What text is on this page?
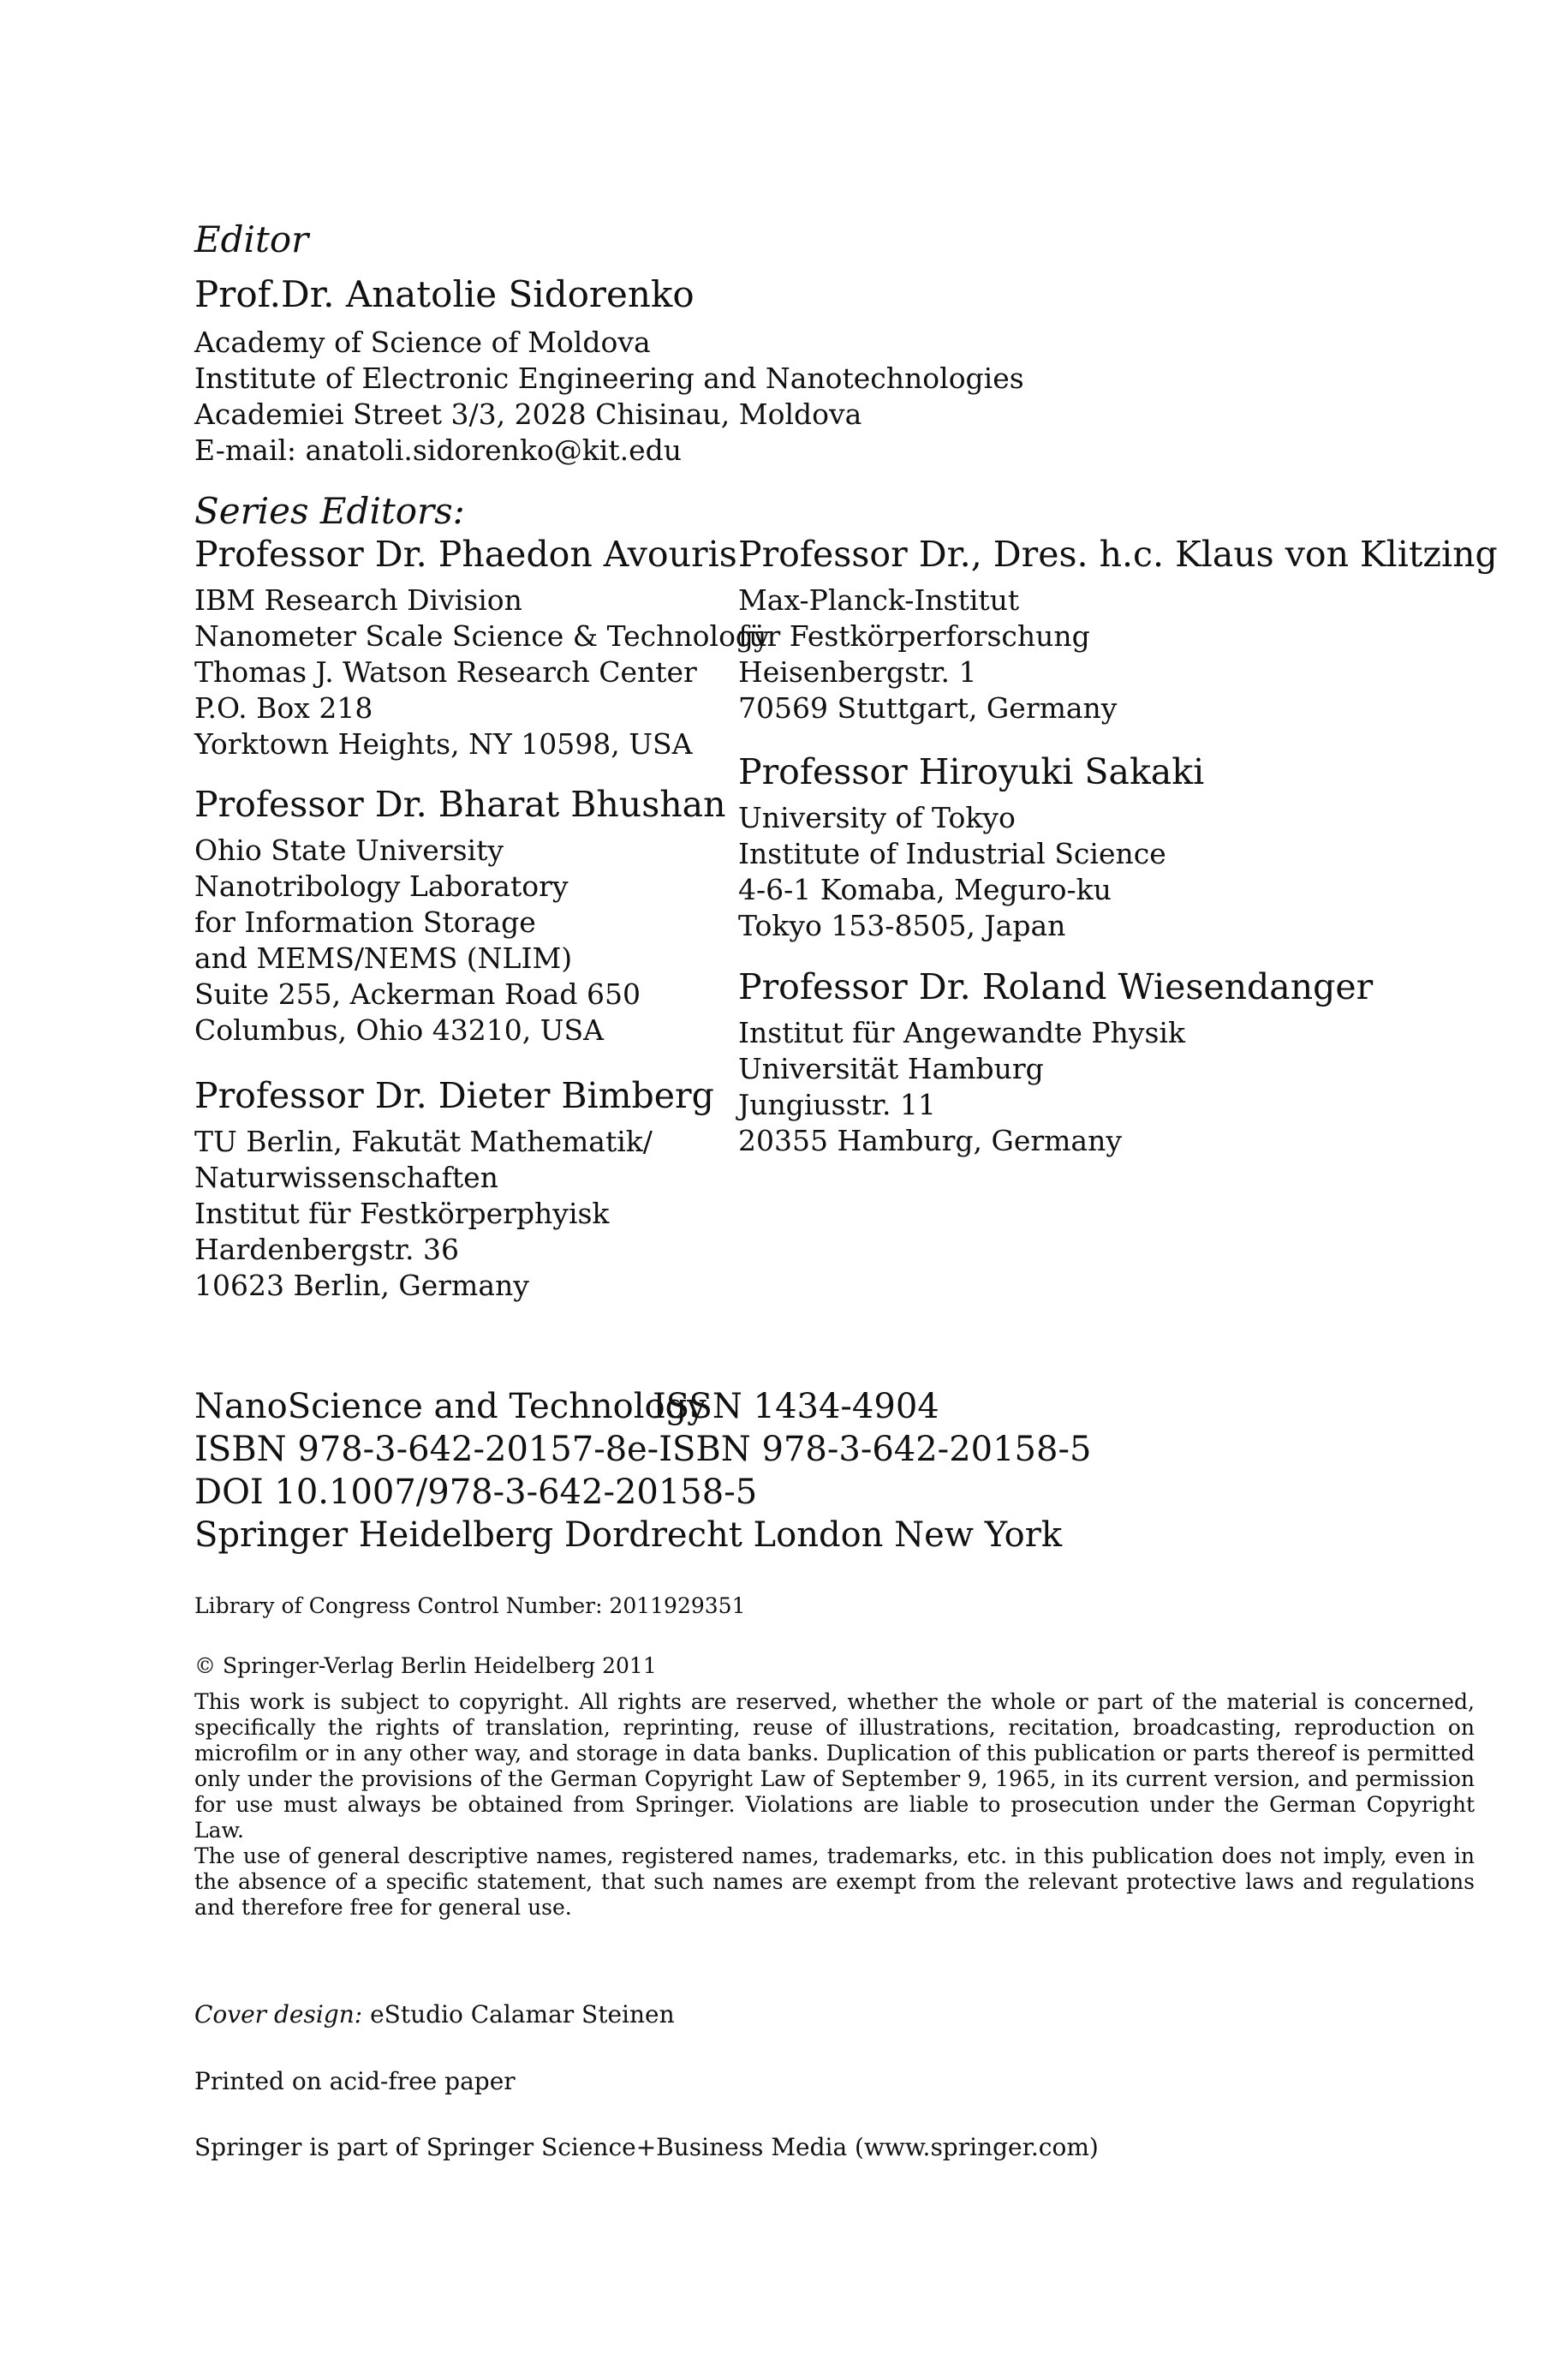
Editor
Prof.Dr. Anatolie Sidorenko
Academy of Science of Moldova
Institute of Electronic Engineering and Nanotechnologies
Academiei Street 3/3, 2028 Chisinau, Moldova
E-mail: anatoli.sidorenko@kit.edu
Series Editors:
Professor Dr. Phaedon Avouris
IBM Research Division
Nanometer Scale Science & Technology
Thomas J. Watson Research Center
P.O. Box 218
Yorktown Heights, NY 10598, USA
Professor Dr. Bharat Bhushan
Ohio State University
Nanotribology Laboratory
for Information Storage
and MEMS/NEMS (NLIM)
Suite 255, Ackerman Road 650
Columbus, Ohio 43210, USA
Professor Dr. Dieter Bimberg
TU Berlin, Fakutät Mathematik/
Naturwissenschaften
Institut für Festkörperphyisk
Hardenbergstr. 36
10623 Berlin, Germany
Professor Dr., Dres. h.c. Klaus von Klitzing
Max-Planck-Institut
für Festkörperforschung
Heisenbergstr. 1
70569 Stuttgart, Germany
Professor Hiroyuki Sakaki
University of Tokyo
Institute of Industrial Science
4-6-1 Komaba, Meguro-ku
Tokyo 153-8505, Japan
Professor Dr. Roland Wiesendanger
Institut für Angewandte Physik
Universität Hamburg
Jungiusstr. 11
20355 Hamburg, Germany
NanoScience and TechnologyISSN 1434-4904
ISBN 978-3-642-20157-8e-ISBN 978-3-642-20158-5
DOI 10.1007/978-3-642-20158-5
Springer Heidelberg Dordrecht London New York
Library of Congress Control Number: 2011929351
© Springer-Verlag Berlin Heidelberg 2011
This work is subject to copyright. All rights are reserved, whether the whole or part of the material is concerned, specifically the rights of translation, reprinting, reuse of illustrations, recitation, broadcasting, reproduction on microfilm or in any other way, and storage in data banks. Duplication of this publication or parts thereof is permitted only under the provisions of the German Copyright Law of September 9, 1965, in its current version, and permission for use must always be obtained from Springer. Violations are liable to prosecution under the German Copyright Law.
The use of general descriptive names, registered names, trademarks, etc. in this publication does not imply, even in the absence of a specific statement, that such names are exempt from the relevant protective laws and regulations and therefore free for general use.
Cover design: eStudio Calamar Steinen
Printed on acid-free paper
Springer is part of Springer Science+Business Media (www.springer.com)
